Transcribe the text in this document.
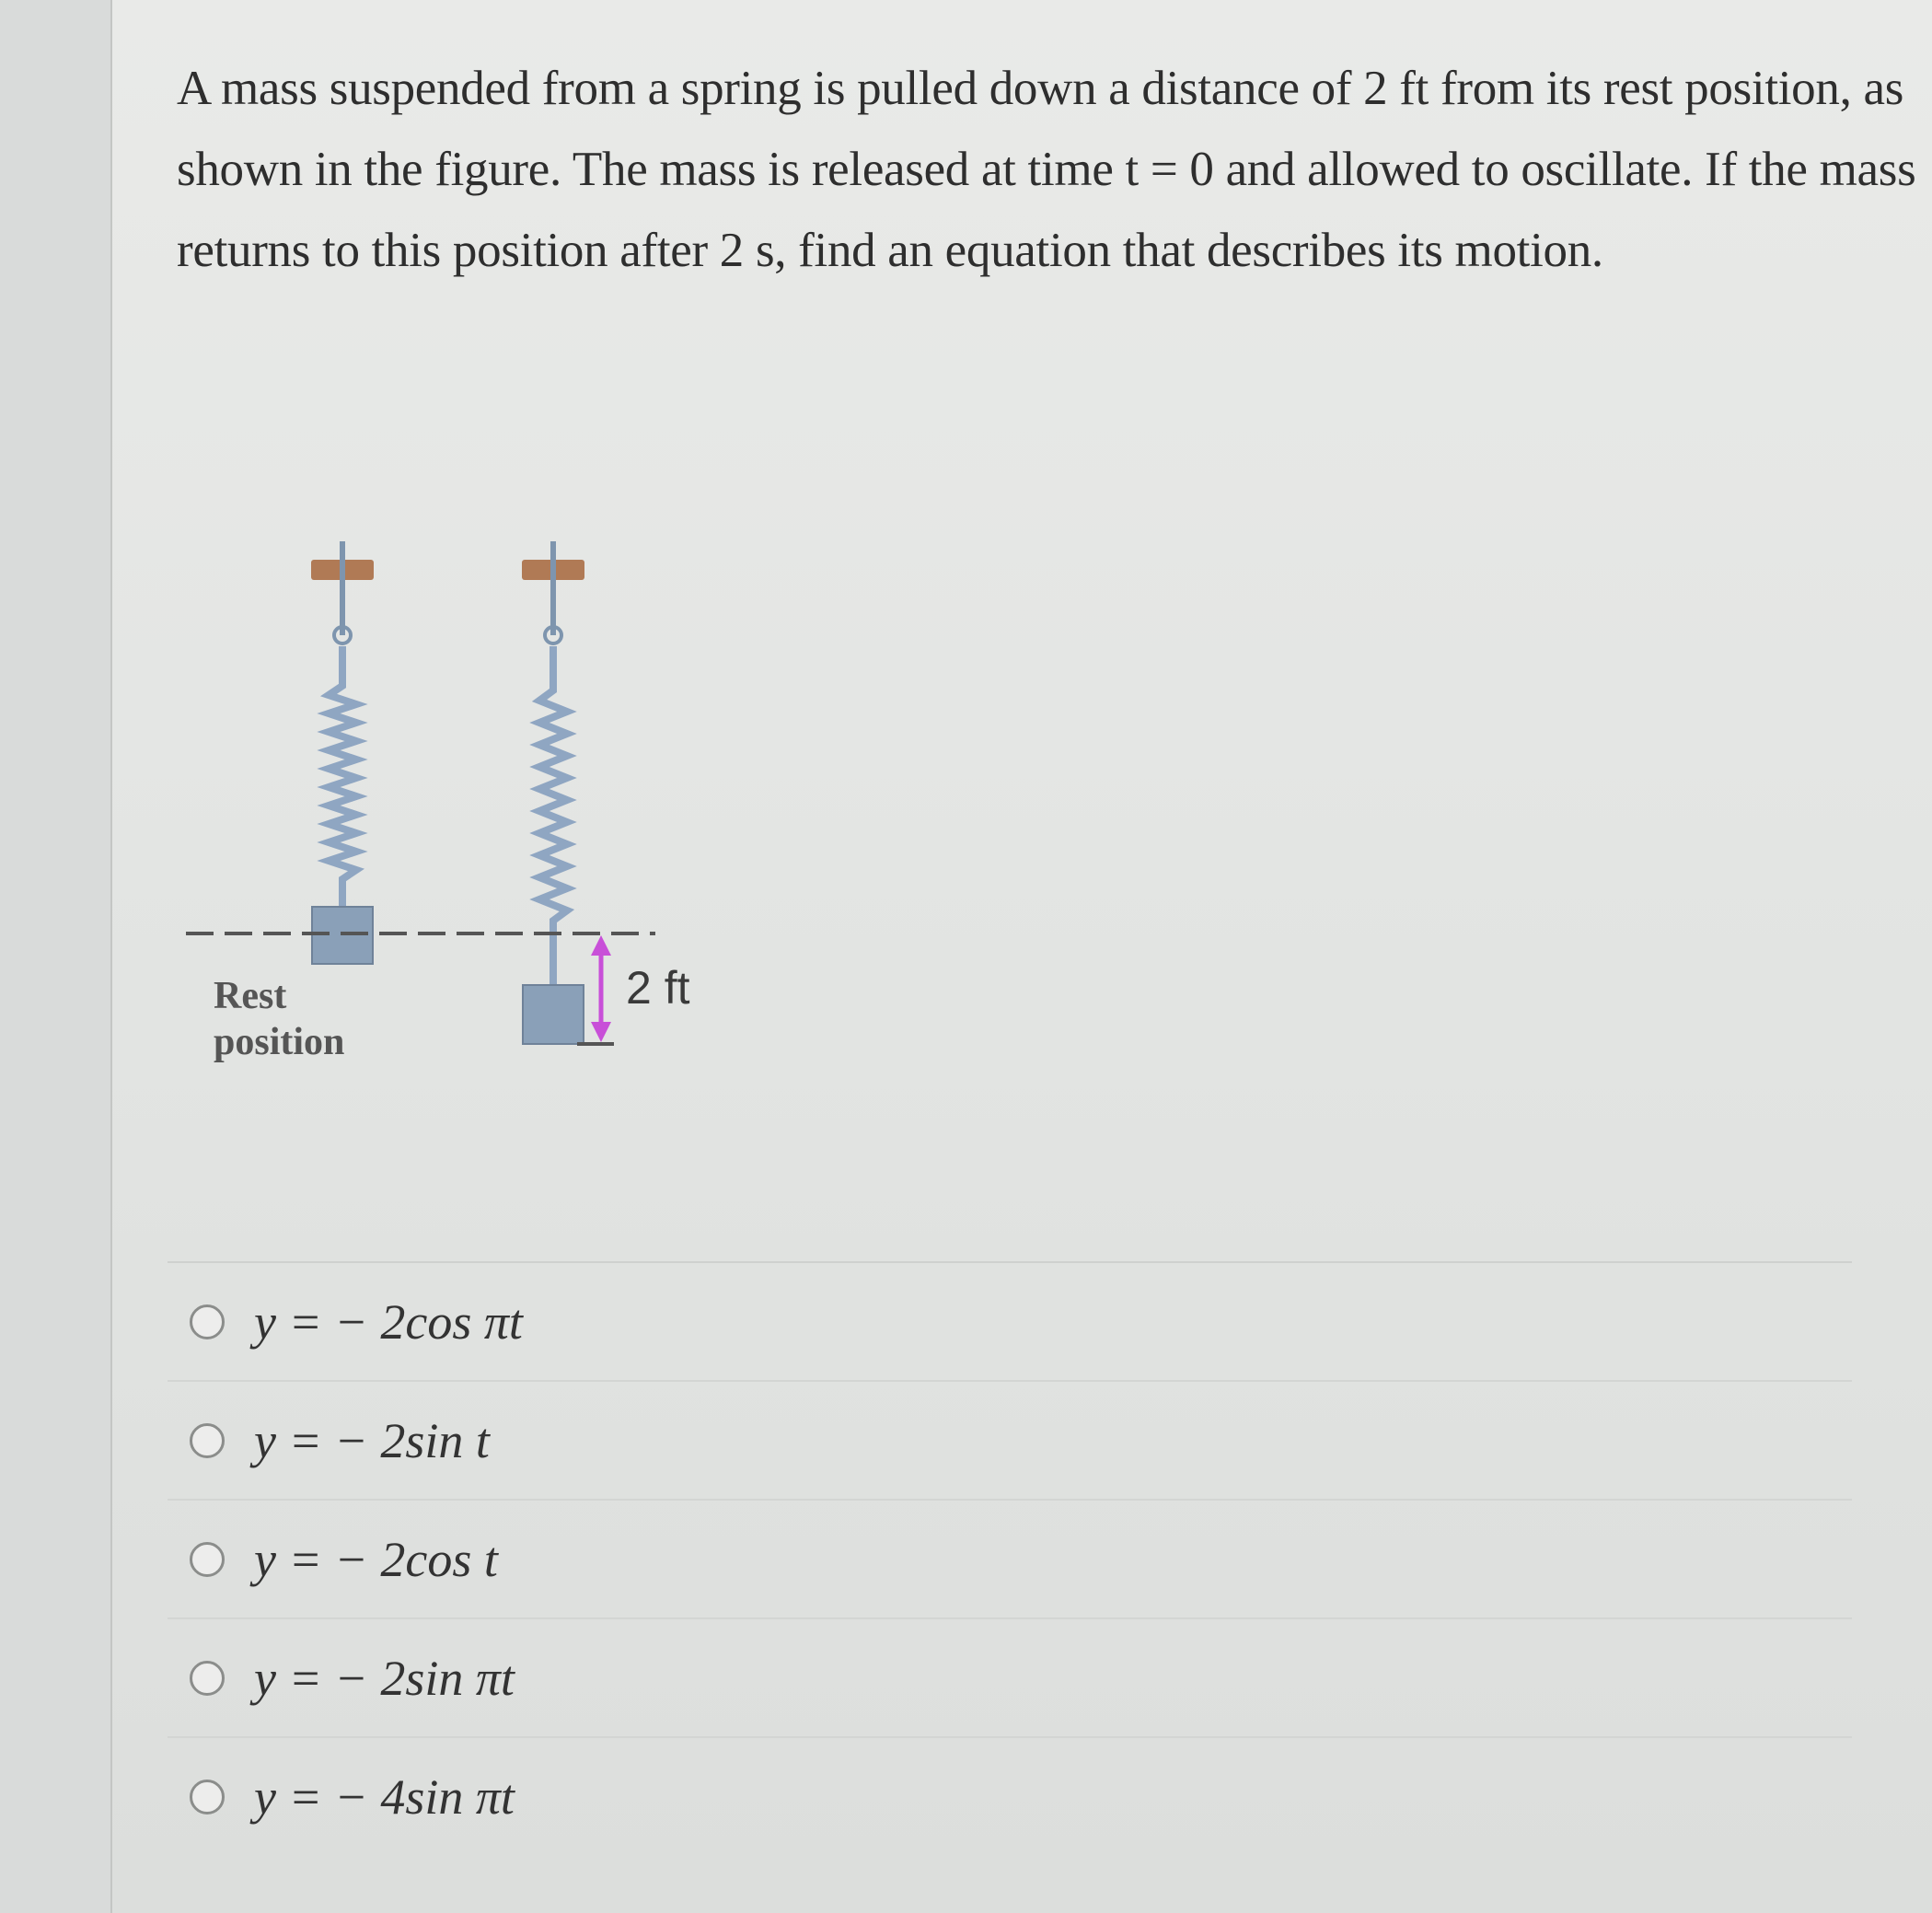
A mass suspended from a spring is pulled down a distance of 2 ft from its rest position, as shown in the figure. The mass is released at time t = 0 and allowed to oscillate. If the mass returns to this position after 2 s, find an equation that describes its motion.

2 ft
Rest
position
y = − 2cos πt
y = − 2sin t
y = − 2cos t
y = − 2sin πt
y = − 4sin πt
